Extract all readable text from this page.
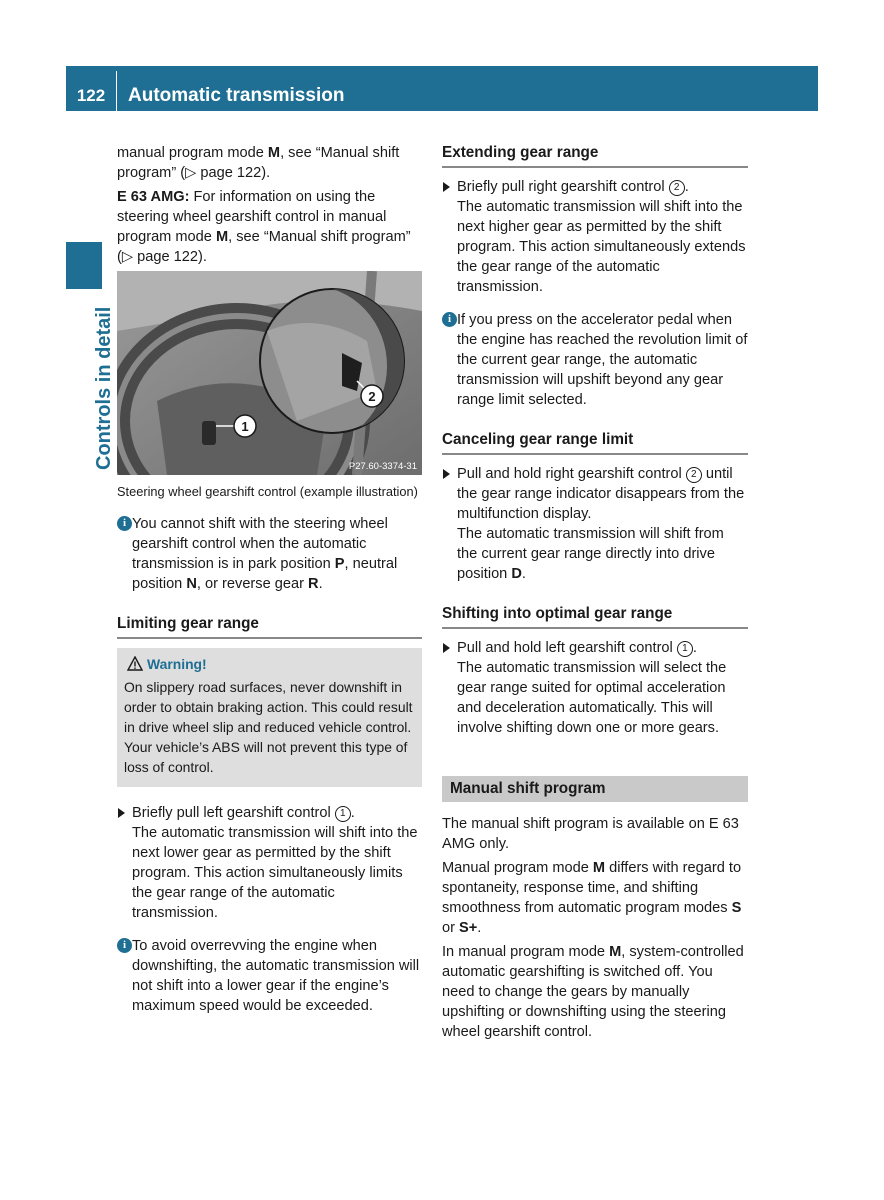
122	Automatic transmission
Controls in detail

manual program mode M, see “Manual shift program” (▷ page 122).

E 63 AMG: For information on using the steering wheel gearshift control in manual program mode M, see “Manual shift program” (▷ page 122).

1
2
P27.60-3374-31
Steering wheel gearshift control (example illustration)

i You cannot shift with the steering wheel gearshift control when the automatic transmission is in park position P, neutral position N, or reverse gear R.

Limiting gear range
Warning!
On slippery road surfaces, never downshift in order to obtain braking action. This could result in drive wheel slip and reduced vehicle control. Your vehicle’s ABS will not prevent this type of loss of control.

Briefly pull left gearshift control 1 .
The automatic transmission will shift into the next lower gear as permitted by the shift program. This action simultaneously limits the gear range of the automatic transmission.

i To avoid overrevving the engine when downshifting, the automatic transmission will not shift into a lower gear if the engine’s maximum speed would be exceeded.

Extending gear range

Briefly pull right gearshift control 2 .
The automatic transmission will shift into the next higher gear as permitted by the shift program. This action simultaneously extends the gear range of the automatic transmission.

i If you press on the accelerator pedal when the engine has reached the revolution limit of the current gear range, the automatic transmission will upshift beyond any gear range limit selected.

Canceling gear range limit

Pull and hold right gearshift control 2 until the gear range indicator disappears from the multifunction display.
The automatic transmission will shift from the current gear range directly into drive position D.

Shifting into optimal gear range

Pull and hold left gearshift control 1 .
The automatic transmission will select the gear range suited for optimal acceleration and deceleration automatically. This will involve shifting down one or more gears.

Manual shift program

The manual shift program is available on E 63 AMG only.

Manual program mode M differs with regard to spontaneity, response time, and shifting smoothness from automatic program modes S or S+.

In manual program mode M, system-controlled automatic gearshifting is switched off. You need to change the gears by manually upshifting or downshifting using the steering wheel gearshift control.
